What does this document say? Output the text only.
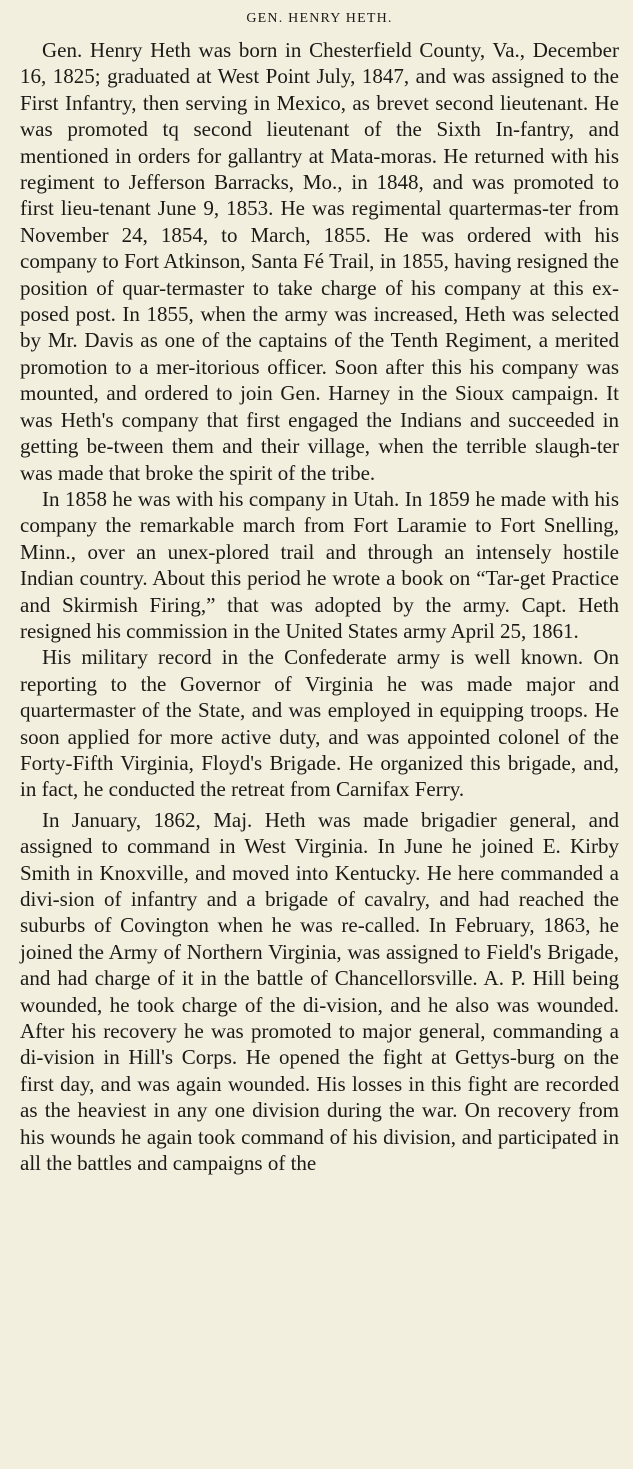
GEN. HENRY HETH.

Gen. Henry Heth was born in Chesterfield County, Va., December 16, 1825; graduated at West Point July, 1847, and was assigned to the First Infantry, then serving in Mexico, as brevet second lieutenant. He was promoted tq second lieutenant of the Sixth In-fantry, and mentioned in orders for gallantry at Mata-moras. He returned with his regiment to Jefferson Barracks, Mo., in 1848, and was promoted to first lieu-tenant June 9, 1853. He was regimental quartermas-ter from November 24, 1854, to March, 1855. He was ordered with his company to Fort Atkinson, Santa Fé Trail, in 1855, having resigned the position of quar-termaster to take charge of his company at this ex-posed post. In 1855, when the army was increased, Heth was selected by Mr. Davis as one of the captains of the Tenth Regiment, a merited promotion to a mer-itorious officer. Soon after this his company was mounted, and ordered to join Gen. Harney in the Sioux campaign. It was Heth's company that first engaged the Indians and succeeded in getting be-tween them and their village, when the terrible slaugh-ter was made that broke the spirit of the tribe.

In 1858 he was with his company in Utah. In 1859 he made with his company the remarkable march from Fort Laramie to Fort Snelling, Minn., over an unex-plored trail and through an intensely hostile Indian country. About this period he wrote a book on “Tar-get Practice and Skirmish Firing,” that was adopted by the army. Capt. Heth resigned his commission in the United States army April 25, 1861.

His military record in the Confederate army is well known. On reporting to the Governor of Virginia he was made major and quartermaster of the State, and was employed in equipping troops. He soon applied for more active duty, and was appointed colonel of the Forty-Fifth Virginia, Floyd's Brigade. He organized this brigade, and, in fact, he conducted the retreat from Carnifax Ferry.

In January, 1862, Maj. Heth was made brigadier general, and assigned to command in West Virginia. In June he joined E. Kirby Smith in Knoxville, and moved into Kentucky. He here commanded a divi-sion of infantry and a brigade of cavalry, and had reached the suburbs of Covington when he was re-called. In February, 1863, he joined the Army of Northern Virginia, was assigned to Field's Brigade, and had charge of it in the battle of Chancellorsville. A. P. Hill being wounded, he took charge of the di-vision, and he also was wounded. After his recovery he was promoted to major general, commanding a di-vision in Hill's Corps. He opened the fight at Gettys-burg on the first day, and was again wounded. His losses in this fight are recorded as the heaviest in any one division during the war. On recovery from his wounds he again took command of his division, and participated in all the battles and campaigns of the
